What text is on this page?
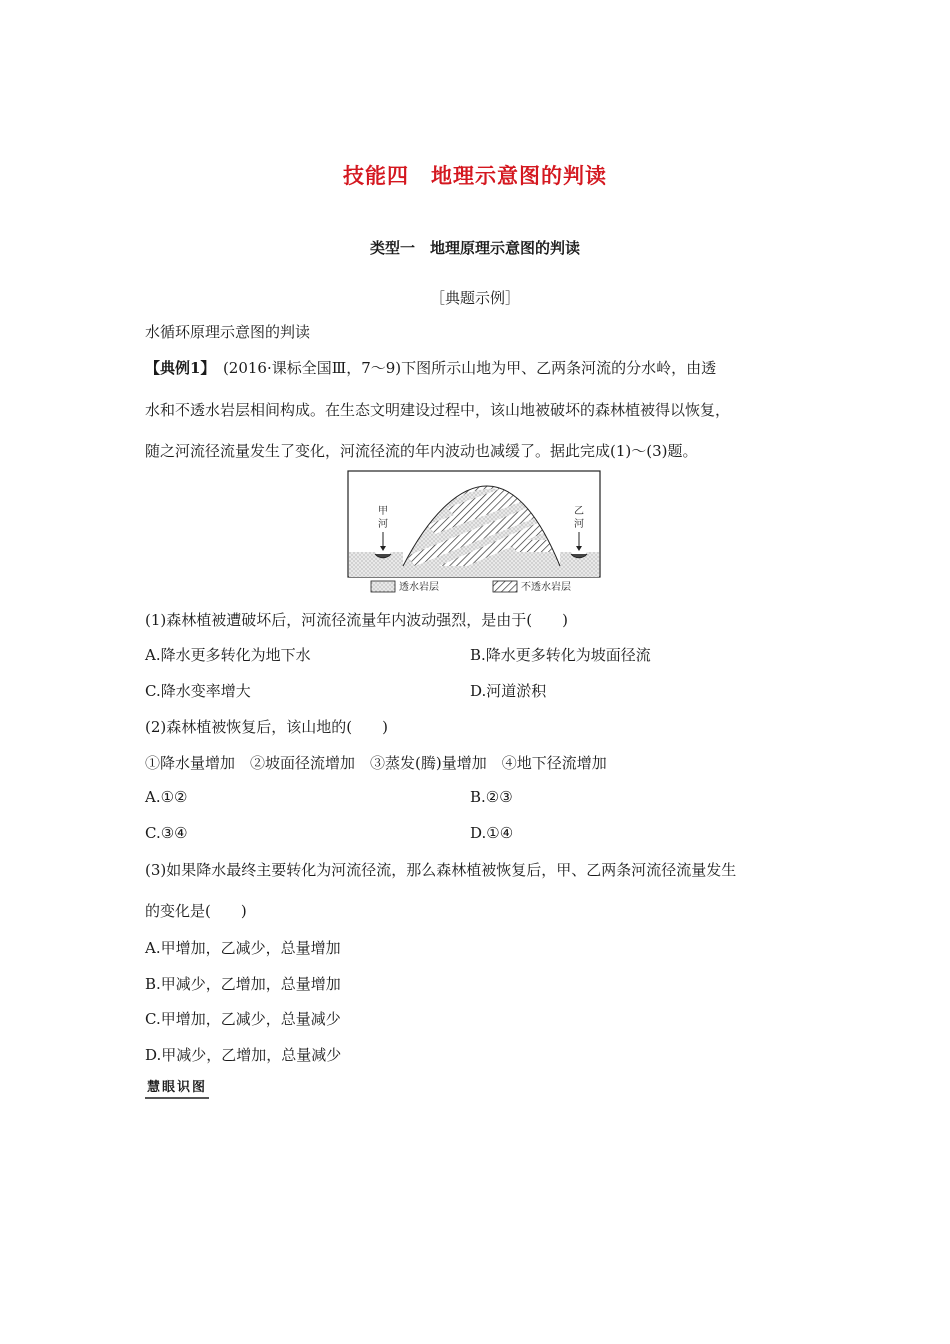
技能四　地理示意图的判读
类型一　地理原理示意图的判读
［典题示例］
水循环原理示意图的判读
【典例1】　(2016·课标全国Ⅲ，7～9)下图所示山地为甲、乙两条河流的分水岭，由透
水和不透水岩层相间构成。在生态文明建设过程中，该山地被破坏的森林植被得以恢复，
随之河流径流量发生了变化，河流径流的年内波动也减缓了。据此完成(1)～(3)题。
甲
河
乙
河
透水岩层	不透水岩层
(1)森林植被遭破坏后，河流径流量年内波动强烈，是由于(　　)
A.降水更多转化为地下水	B.降水更多转化为坡面径流
C.降水变率增大	D.河道淤积
(2)森林植被恢复后，该山地的(　　)
①降水量增加　②坡面径流增加　③蒸发(腾)量增加　④地下径流增加
A.①②	B.②③
C.③④	D.①④
(3)如果降水最终主要转化为河流径流，那么森林植被恢复后，甲、乙两条河流径流量发生
的变化是(　　)
A.甲增加，乙减少，总量增加
B.甲减少，乙增加，总量增加
C.甲增加，乙减少，总量减少
D.甲减少，乙增加，总量减少
慧眼识图
